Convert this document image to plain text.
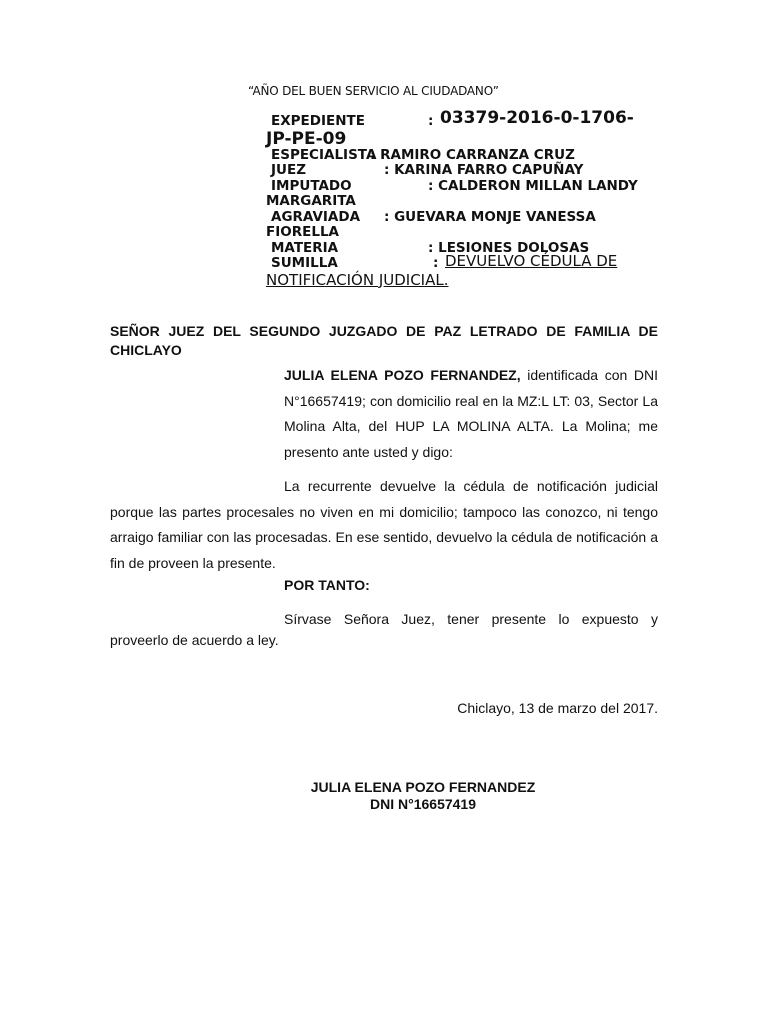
“AÑO DEL BUEN SERVICIO AL CIUDADANO”
EXPEDIENTE	: 03379-2016-0-1706-
JP-PE-09
ESPECIALISTA
: RAMIRO CARRANZA CRUZ
JUEZ	: KARINA FARRO CAPUÑAY
IMPUTADO	: CALDERON MILLAN LANDY
MARGARITA
AGRAVIADA : GUEVARA MONJE VANESSA
FIORELLA
MATERIA	: LESIONES DOLOSAS
SUMILLA	: DEVUELVO CÉDULA DE
NOTIFICACIÓN JUDICIAL.
SEÑOR JUEZ DEL SEGUNDO JUZGADO DE PAZ LETRADO DE FAMILIA DE CHICLAYO
JULIA ELENA POZO FERNANDEZ, identificada con DNI N°16657419; con domicilio real en la MZ:L LT: 03, Sector La Molina Alta, del HUP LA MOLINA ALTA. La Molina; me presento ante usted y digo:
La recurrente devuelve la cédula de notificación judicial porque las partes procesales no viven en mi domicilio; tampoco las conozco, ni tengo arraigo familiar con las procesadas. En ese sentido, devuelvo la cédula de notificación a fin de proveen la presente.
POR TANTO:
Sírvase Señora Juez, tener presente lo expuesto y proveerlo de acuerdo a ley.
Chiclayo, 13 de marzo del 2017.
JULIA ELENA POZO FERNANDEZ
DNI N°16657419
